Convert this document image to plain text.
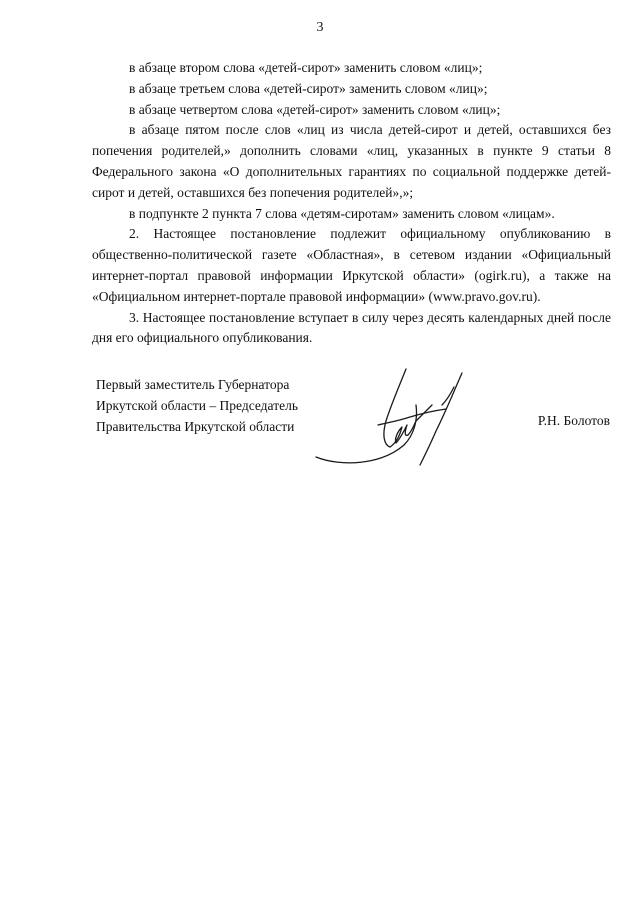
3

в абзаце втором слова «детей-сирот» заменить словом «лиц»;

в абзаце третьем слова «детей-сирот» заменить словом «лиц»;

в абзаце четвертом слова «детей-сирот» заменить словом «лиц»;

в абзаце пятом после слов «лиц из числа детей-сирот и детей, оставшихся без попечения родителей,» дополнить словами «лиц, указанных в пункте 9 статьи 8 Федерального закона «О дополнительных гарантиях по социальной поддержке детей-сирот и детей, оставшихся без попечения родителей»,»;

в подпункте 2 пункта 7 слова «детям-сиротам» заменить словом «лицам».

2. Настоящее постановление подлежит официальному опубликованию в общественно-политической газете «Областная», в сетевом издании «Официальный интернет-портал правовой информации Иркутской области» (ogirk.ru), а также на «Официальном интернет-портале правовой информации» (www.pravo.gov.ru).

3. Настоящее постановление вступает в силу через десять календарных дней после дня его официального опубликования.

Первый заместитель Губернатора
Иркутской области – Председатель
Правительства Иркутской области	Р.Н. Болотов
